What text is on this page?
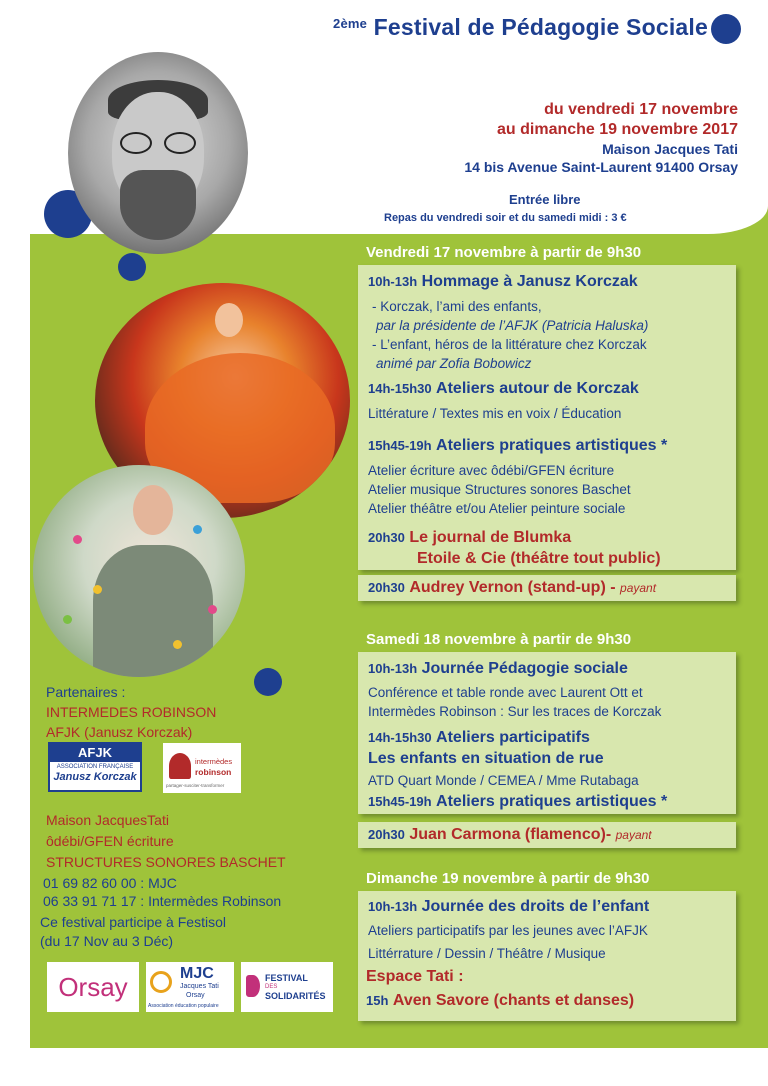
$^{2ème}$ Festival de Pédagogie Sociale
DÉFENDRE LA CAUSE DES ENFANTS
AVEC JANUSZ KORCZAK
du vendredi 17 novembre
au dimanche 19 novembre 2017
Maison Jacques Tati
14 bis Avenue Saint-Laurent 91400 Orsay
Entrée libre
Repas du vendredi soir et du samedi midi : 3 €
Vendredi 17 novembre à partir de 9h30
10h-13h Hommage à Janusz Korczak
- Korczak, l’ami des enfants,
par la présidente de l’AFJK (Patricia Haluska)
- L’enfant, héros de la littérature chez Korczak
animé par Zofia Bobowicz
14h-15h30 Ateliers autour de Korczak
Littérature / Textes mis en voix / Éducation
15h45-19h Ateliers pratiques artistiques *
Atelier écriture avec ôdébi/GFEN écriture
Atelier musique Structures sonores Baschet
Atelier théâtre et/ou Atelier peinture sociale
20h30 Le journal de Blumka
Etoile & Cie (théâtre tout public)
20h30 Audrey Vernon (stand-up) - payant
Samedi 18 novembre à partir de 9h30
10h-13h Journée Pédagogie sociale
Conférence et table ronde avec Laurent Ott et
Intermèdes Robinson : Sur les traces de Korczak
14h-15h30 Ateliers participatifs
Les enfants en situation de rue
ATD Quart Monde / CEMEA / Mme Rutabaga
15h45-19h Ateliers pratiques artistiques *
20h30 Juan Carmona (flamenco)- payant
Dimanche 19 novembre à partir de 9h30
10h-13h Journée des droits de l’enfant
Ateliers participatifs par les jeunes avec l’AFJK
Littérrature / Dessin / Théâtre / Musique
Espace Tati :
15h Aven Savore (chants et danses)
Partenaires :
INTERMEDES ROBINSON
AFJK (Janusz Korczak)
AFJK
ASSOCIATION FRANÇAISE
Janusz Korczak
intermèdes
robinson
partager-susciter-transformer
Maison JacquesTati
ôdébi/GFEN écriture
STRUCTURES SONORES BASCHET
01 69 82 60 00 : MJC
06 33 91 71 17 : Intermèdes Robinson
Ce festival participe à Festisol
(du 17 Nov au 3 Déc)
Orsay	MJC
Jacques Tati
Orsay
Association éducation populaire
FESTIVAL
DES
SOLIDARITÉS
